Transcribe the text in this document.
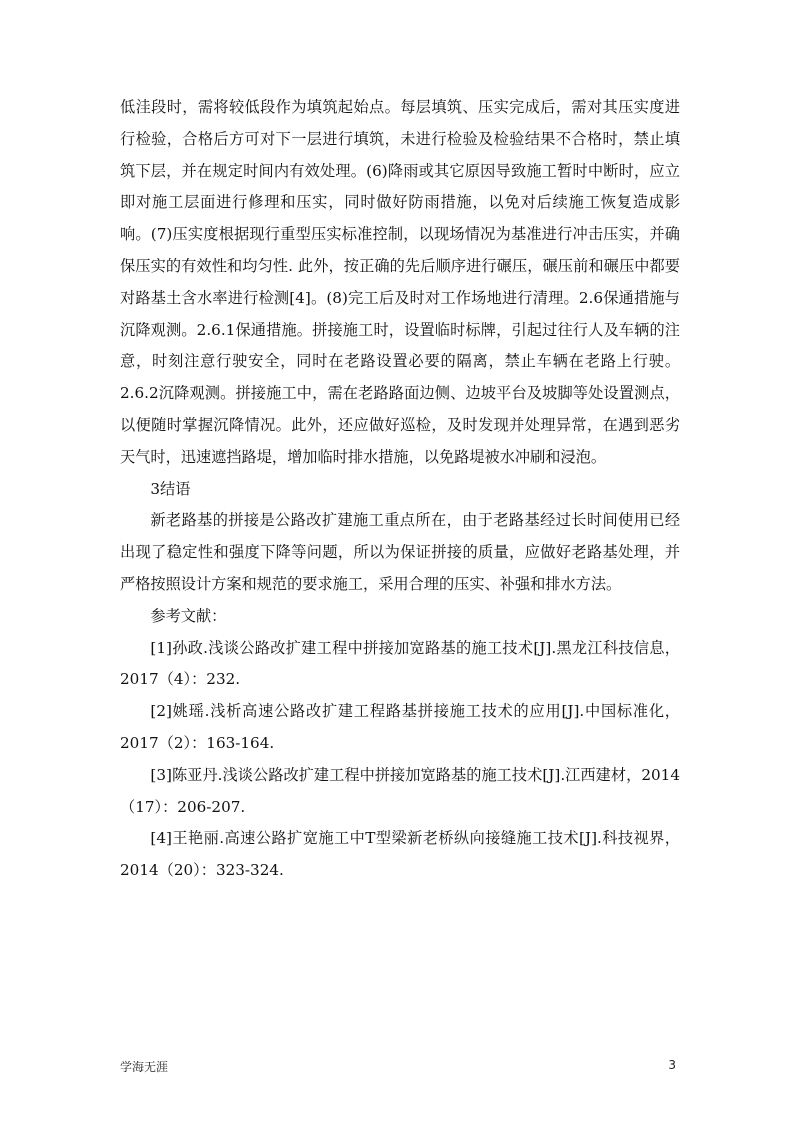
低洼段时，需将较低段作为填筑起始点。每层填筑、压实完成后，需对其压实度进行检验，合格后方可对下一层进行填筑，未进行检验及检验结果不合格时，禁止填筑下层，并在规定时间内有效处理。(6)降雨或其它原因导致施工暂时中断时，应立即对施工层面进行修理和压实，同时做好防雨措施，以免对后续施工恢复造成影响。(7)压实度根据现行重型压实标准控制，以现场情况为基准进行冲击压实，并确保压实的有效性和均匀性. 此外，按正确的先后顺序进行碾压，碾压前和碾压中都要对路基土含水率进行检测[4]。(8)完工后及时对工作场地进行清理。2.6保通措施与沉降观测。2.6.1保通措施。拼接施工时，设置临时标牌，引起过往行人及车辆的注意，时刻注意行驶安全，同时在老路设置必要的隔离，禁止车辆在老路上行驶。2.6.2沉降观测。拼接施工中，需在老路路面边侧、边坡平台及坡脚等处设置测点，以便随时掌握沉降情况。此外，还应做好巡检，及时发现并处理异常，在遇到恶劣天气时，迅速遮挡路堤，增加临时排水措施，以免路堤被水冲刷和浸泡。

3结语

新老路基的拼接是公路改扩建施工重点所在，由于老路基经过长时间使用已经出现了稳定性和强度下降等问题，所以为保证拼接的质量，应做好老路基处理，并严格按照设计方案和规范的要求施工，采用合理的压实、补强和排水方法。

参考文献：

[1]孙政.浅谈公路改扩建工程中拼接加宽路基的施工技术[J].黑龙江科技信息，2017（4）：232.

[2]姚瑶.浅析高速公路改扩建工程路基拼接施工技术的应用[J].中国标准化，2017（2）：163-164.

[3]陈亚丹.浅谈公路改扩建工程中拼接加宽路基的施工技术[J].江西建材，2014（17）：206-207.

[4]王艳丽.高速公路扩宽施工中T型梁新老桥纵向接缝施工技术[J].科技视界，2014（20）：323-324.

学海无涯	3
